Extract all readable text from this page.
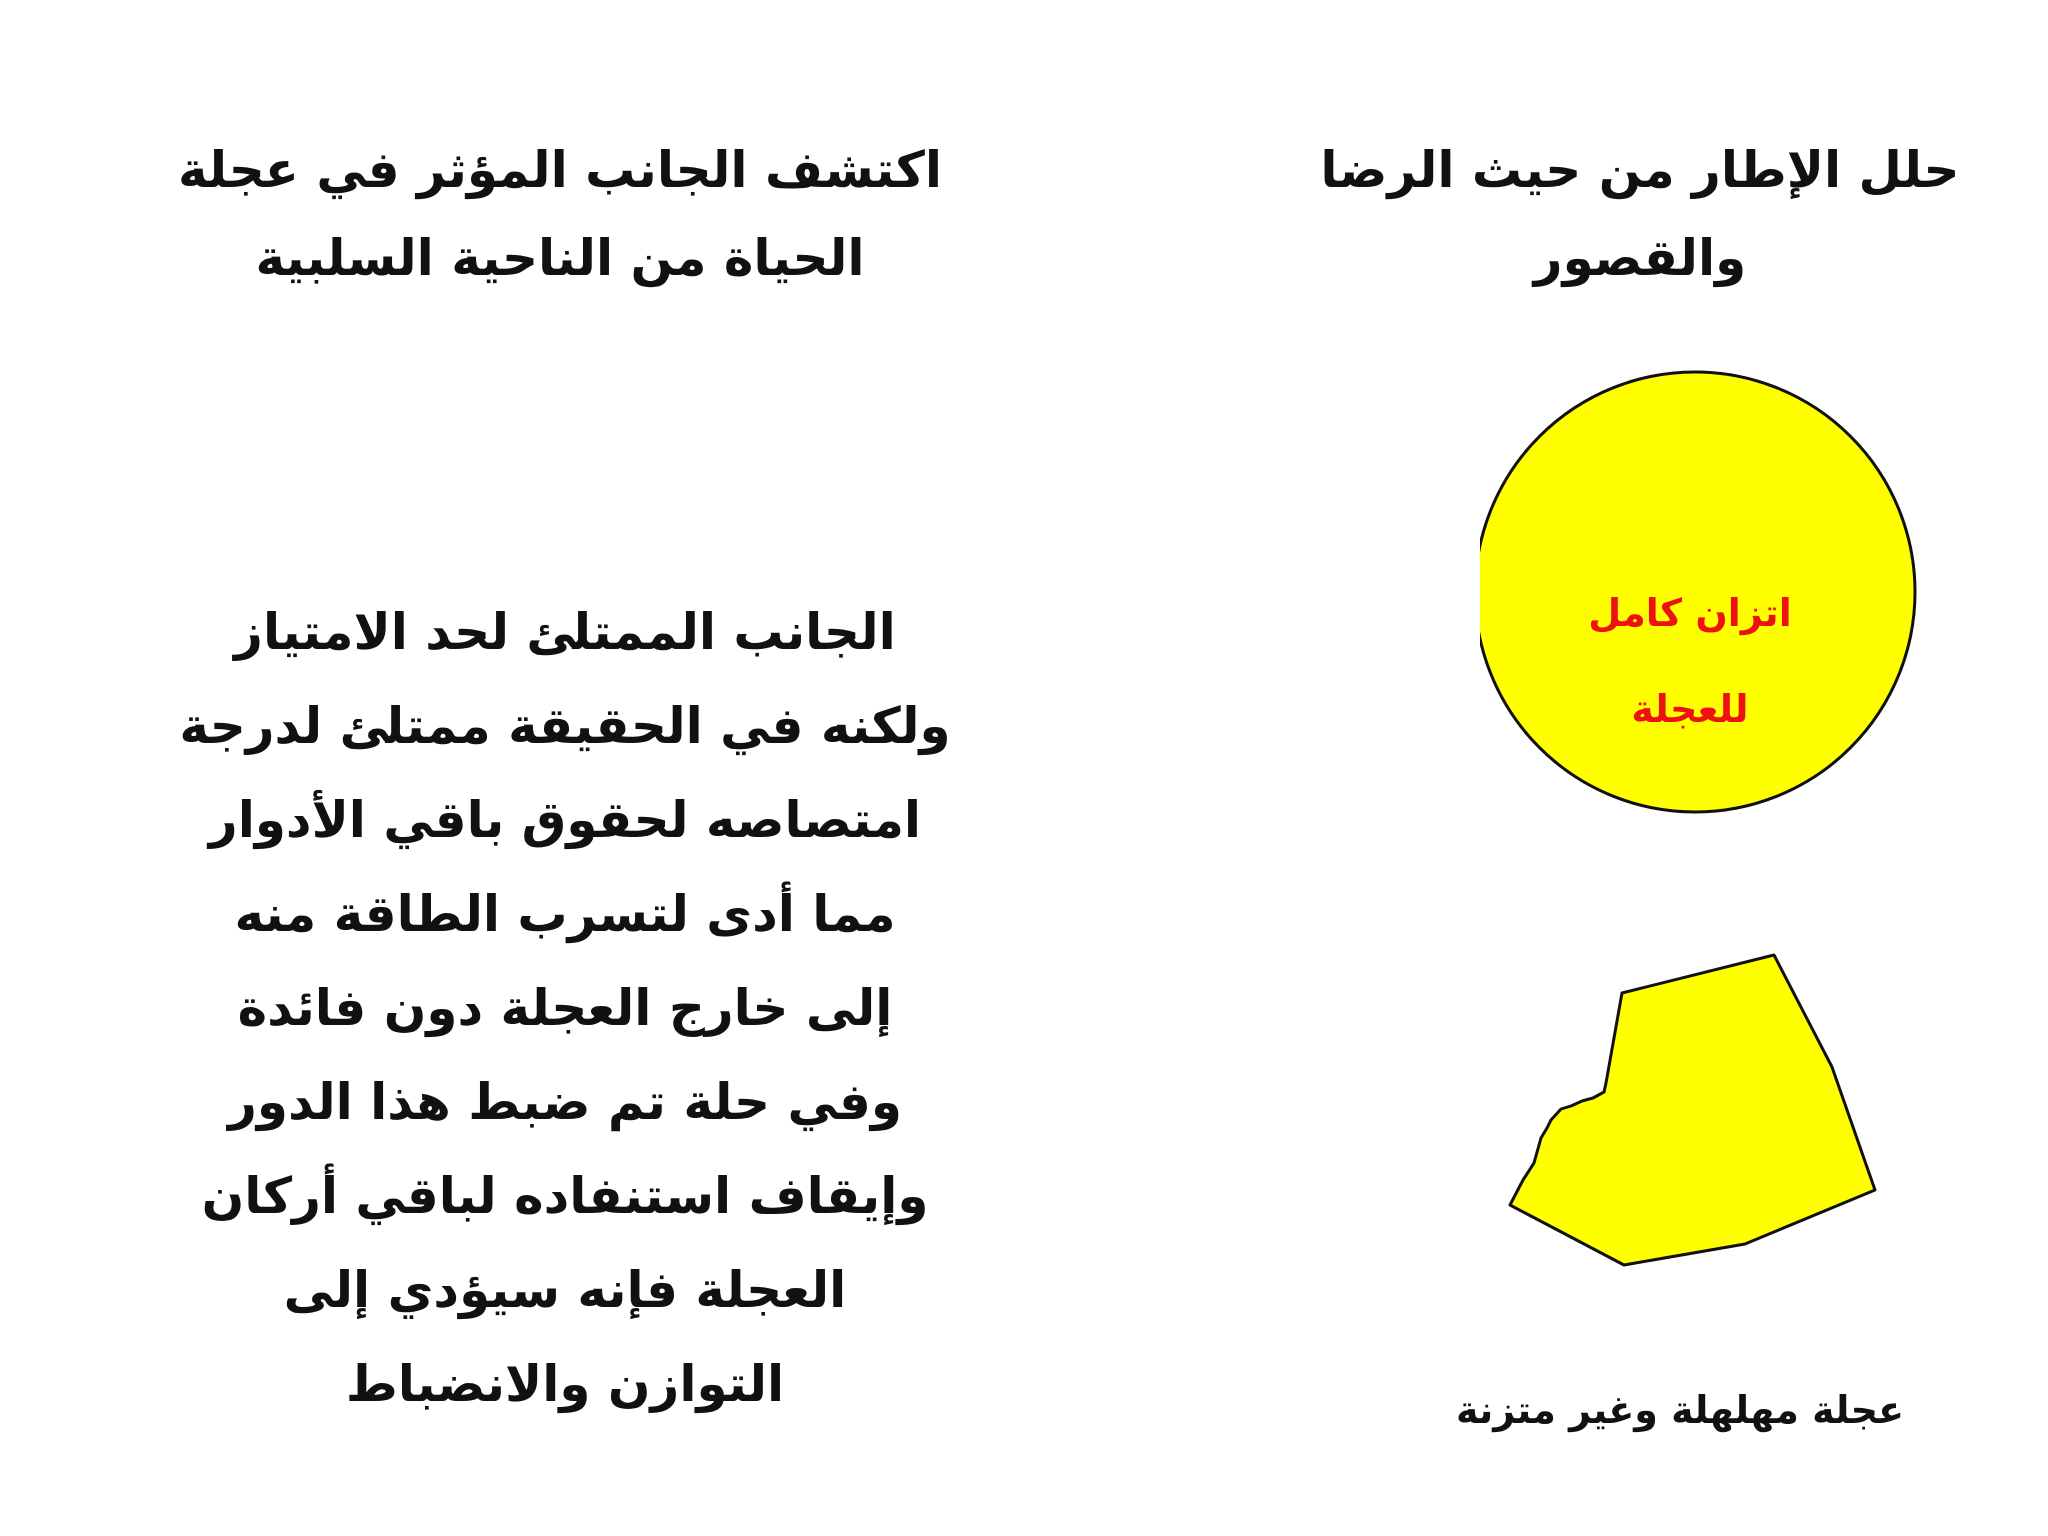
حلل الإطار من حيث الرضا
والقصور
اكتشف الجانب المؤثر في عجلة
الحياة من الناحية السلبية

الجانب الممتلئ لحد الامتياز
ولكنه في الحقيقة ممتلئ لدرجة
امتصاصه لحقوق باقي الأدوار
مما أدى لتسرب الطاقة منه
إلى خارج العجلة دون فائدة
وفي حلة تم ضبط هذا الدور
وإيقاف استنفاده لباقي أركان
العجلة فإنه سيؤدي إلى
التوازن والانضباط

اتزان كامل
للعجلة
عجلة مهلهلة وغير متزنة
